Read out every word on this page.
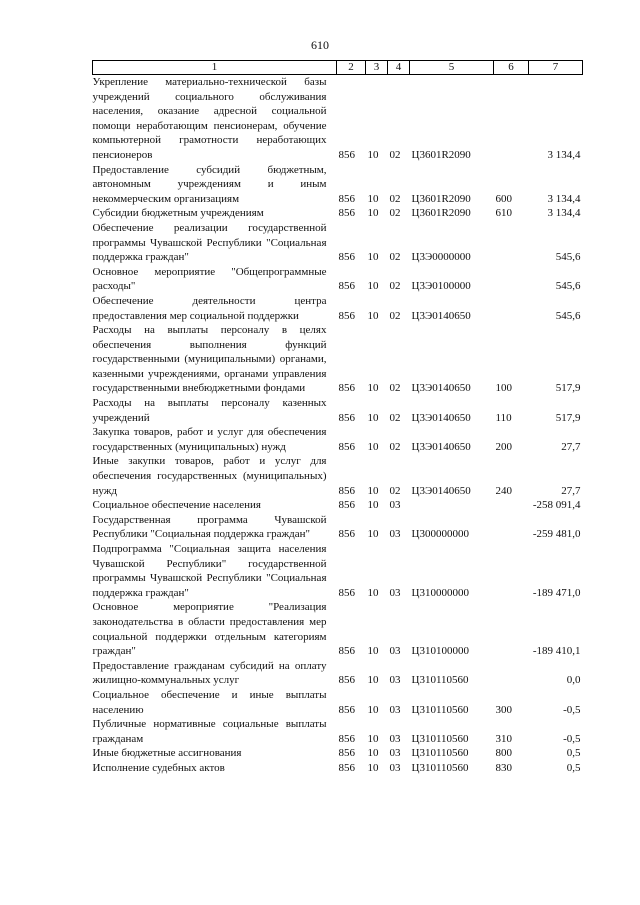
610
1	2	3	4	5	6	7
Укрепление материально-технической базы учреждений социального обслуживания населения, оказание адресной социальной помощи неработающим пенсионерам, обучение компьютерной грамотности неработающих пенсионеров	856	10	02	Ц3601R2090		3 134,4
Предоставление субсидий бюджетным, автономным учреждениям и иным некоммерческим организациям	856	10	02	Ц3601R2090	600	3 134,4
Субсидии бюджетным учреждениям	856	10	02	Ц3601R2090	610	3 134,4
Обеспечение реализации государственной программы Чувашской Республики "Социальная поддержка граждан"	856	10	02	Ц3Э0000000		545,6
Основное мероприятие "Общепрограммные расходы"	856	10	02	Ц3Э0100000		545,6
Обеспечение деятельности центра предоставления мер социальной поддержки	856	10	02	Ц3Э0140650		545,6
Расходы на выплаты персоналу в целях обеспечения выполнения функций государственными (муниципальными) органами, казенными учреждениями, органами управления государственными внебюджетными фондами	856	10	02	Ц3Э0140650	100	517,9
Расходы на выплаты персоналу казенных учреждений	856	10	02	Ц3Э0140650	110	517,9
Закупка товаров, работ и услуг для обеспечения государственных (муниципальных) нужд	856	10	02	Ц3Э0140650	200	27,7
Иные закупки товаров, работ и услуг для обеспечения государственных (муниципальных) нужд	856	10	02	Ц3Э0140650	240	27,7
Социальное обеспечение населения	856	10	03			-258 091,4
Государственная программа Чувашской Республики "Социальная поддержка граждан"	856	10	03	Ц300000000		-259 481,0
Подпрограмма "Социальная защита населения Чувашской Республики" государственной программы Чувашской Республики "Социальная поддержка граждан"	856	10	03	Ц310000000		-189 471,0
Основное мероприятие "Реализация законодательства в области предоставления мер социальной поддержки отдельным категориям граждан"	856	10	03	Ц310100000		-189 410,1
Предоставление гражданам субсидий на оплату жилищно-коммунальных услуг	856	10	03	Ц310110560		0,0
Социальное обеспечение и иные выплаты населению	856	10	03	Ц310110560	300	-0,5
Публичные нормативные социальные выплаты гражданам	856	10	03	Ц310110560	310	-0,5
Иные бюджетные ассигнования	856	10	03	Ц310110560	800	0,5
Исполнение судебных актов	856	10	03	Ц310110560	830	0,5
